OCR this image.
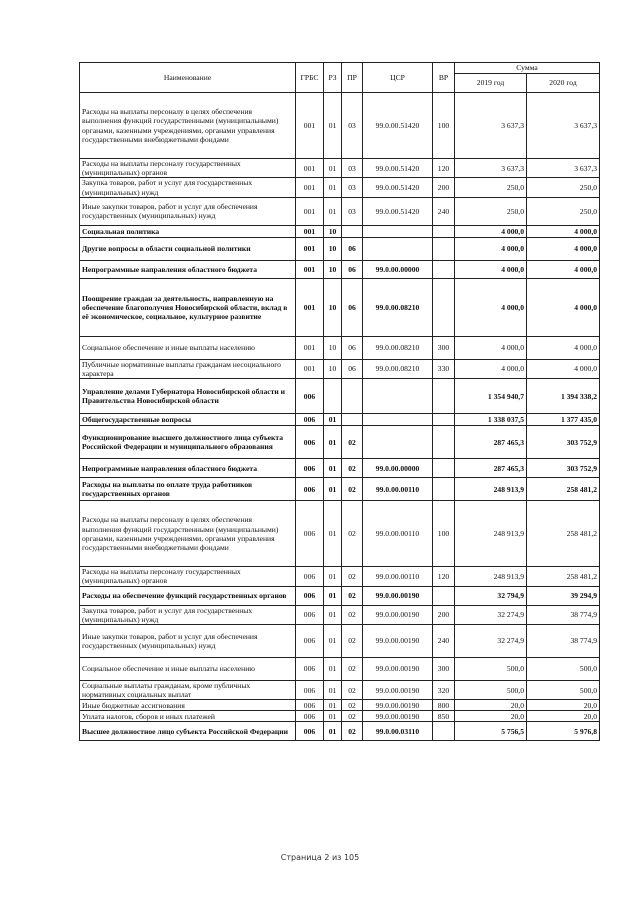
Наименование	ГРБС	РЗ	ПР	ЦСР	ВР	Сумма	
						2019 год	2020 год
Расходы на выплаты персоналу в целях обеспечения выполнения функций государственными (муниципальными) органами, казенными учреждениями, органами управления государственными внебюджетными фондами	001	01	03	99.0.00.51420	100	3 637,3	3 637,3
Расходы на выплаты персоналу государственных (муниципальных) органов	001	01	03	99.0.00.51420	120	3 637,3	3 637,3
Закупка товаров, работ и услуг для государственных (муниципальных) нужд	001	01	03	99.0.00.51420	200	250,0	250,0
Иные закупки товаров, работ и услуг для обеспечения государственных (муниципальных) нужд	001	01	03	99.0.00.51420	240	250,0	250,0
Социальная политика	001	10				4 000,0	4 000,0
Другие вопросы в области социальной политики	001	10	06			4 000,0	4 000,0
Непрограммные направления областного бюджета	001	10	06	99.0.00.00000		4 000,0	4 000,0
Поощрение граждан за деятельность, направленную на обеспечение благополучия Новосибирской области, вклад в её экономическое, социальное, культурное развитие	001	10	06	99.0.00.08210		4 000,0	4 000,0
Социальное обеспечение и иные выплаты населению	001	10	06	99.0.00.08210	300	4 000,0	4 000,0
Публичные нормативные выплаты гражданам несоциального характера	001	10	06	99.0.00.08210	330	4 000,0	4 000,0
Управление делами Губернатора Новосибирской области и Правительства Новосибирской области	006					1 354 940,7	1 394 338,2
Общегосударственные вопросы	006	01				1 338 037,5	1 377 435,0
Функционирование высшего должностного лица субъекта Российской Федерации и муниципального образования	006	01	02			287 465,3	303 752,9
Непрограммные направления областного бюджета	006	01	02	99.0.00.00000		287 465,3	303 752,9
Расходы на выплаты по оплате труда работников государственных органов	006	01	02	99.0.00.00110		248 913,9	258 481,2
Расходы на выплаты персоналу в целях обеспечения выполнения функций государственными (муниципальными) органами, казенными учреждениями, органами управления государственными внебюджетными фондами	006	01	02	99.0.00.00110	100	248 913,9	258 481,2
Расходы на выплаты персоналу государственных (муниципальных) органов	006	01	02	99.0.00.00110	120	248 913,9	258 481,2
Расходы на обеспечение функций государственных органов	006	01	02	99.0.00.00190		32 794,9	39 294,9
Закупка товаров, работ и услуг для государственных (муниципальных) нужд	006	01	02	99.0.00.00190	200	32 274,9	38 774,9
Иные закупки товаров, работ и услуг для обеспечения государственных (муниципальных) нужд	006	01	02	99.0.00.00190	240	32 274,9	38 774,9
Социальное обеспечение и иные выплаты населению	006	01	02	99.0.00.00190	300	500,0	500,0
Социальные выплаты гражданам, кроме публичных нормативных социальных выплат	006	01	02	99.0.00.00190	320	500,0	500,0
Иные бюджетные ассигнования	006	01	02	99.0.00.00190	800	20,0	20,0
Уплата налогов, сборов и иных платежей	006	01	02	99.0.00.00190	850	20,0	20,0
Высшее должностное лицо субъекта Российской Федерации	006	01	02	99.0.00.03110		5 756,5	5 976,8
Страница 2 из 105
